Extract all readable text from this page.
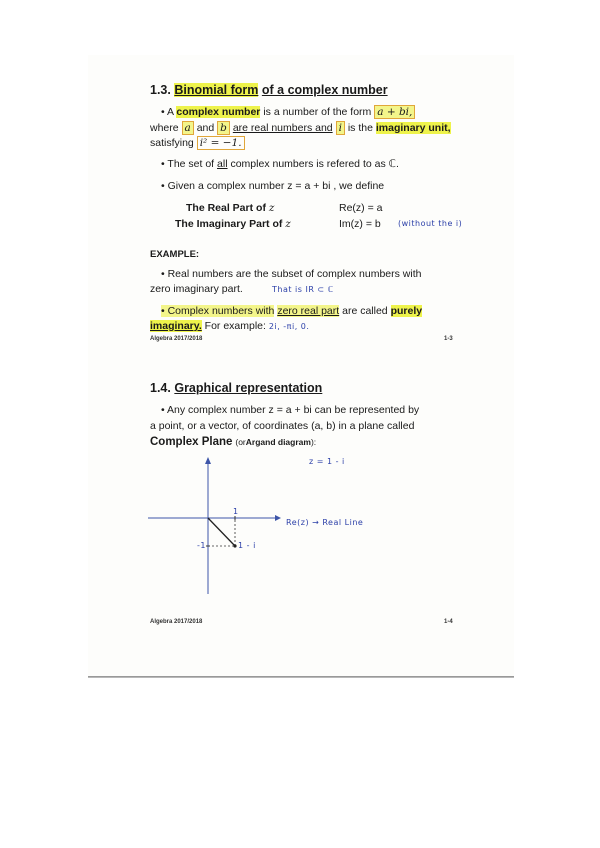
1.3. Binomial form of a complex number
• A complex number is a number of the form a + bi,
where a and b are real numbers and i is the imaginary unit,
satisfying i² = −1.
• The set of all complex numbers is refered to as ℂ.
• Given a complex number z = a + bi , we define
The Real Part of z	Re(z) = a
The Imaginary Part of z	Im(z) = b (without the i)
EXAMPLE:
• Real numbers are the subset of complex numbers with
zero imaginary part.	That is IR ⊂ ℂ
• Complex numbers with zero real part are called purely
imaginary. For example: 2i, -πi, 0.
Algebra 2017/2018	1-3
1.4. Graphical representation
• Any complex number z = a + bi can be represented by
a point, or a vector, of coordinates (a, b) in a plane called
Complex Plane (orArgand diagram):
1
-1	1 - i
z = 1 - i
Re(z) → Real Line
Algebra 2017/2018	1-4
